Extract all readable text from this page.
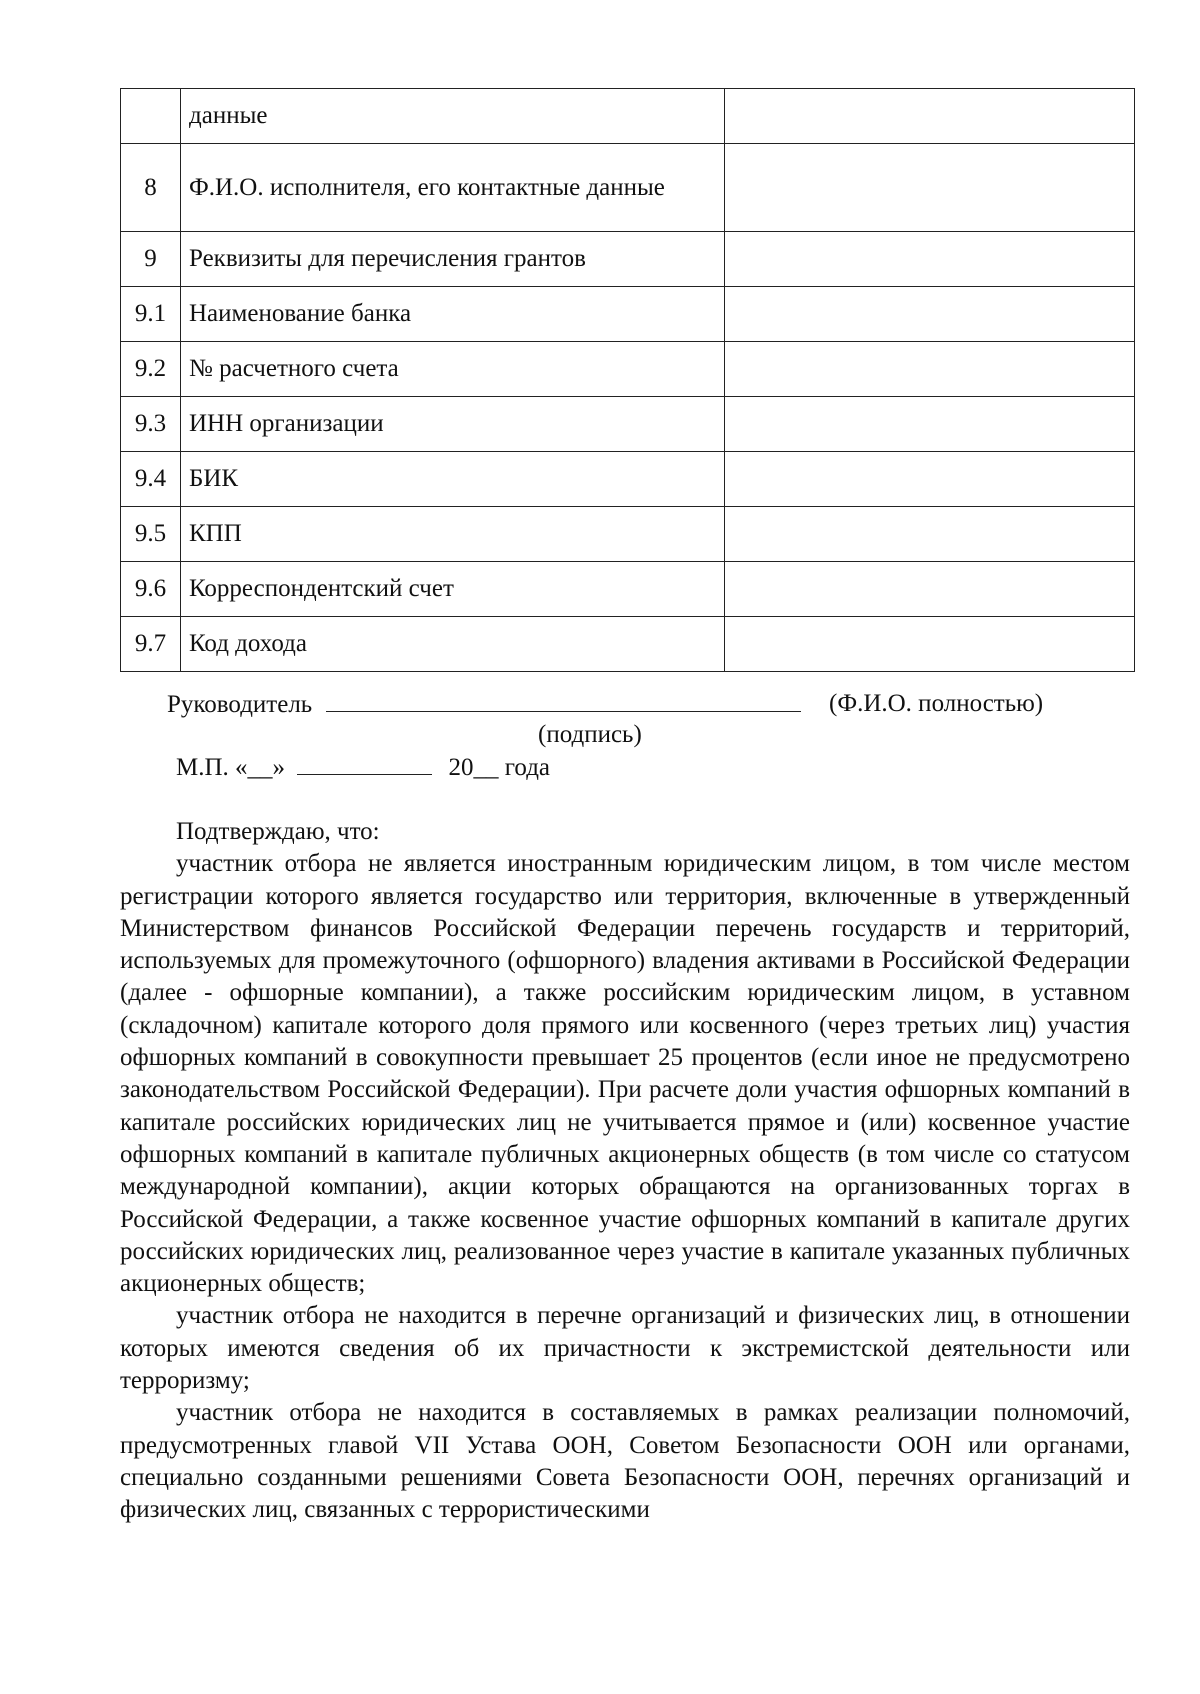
	данные	
8	Ф.И.О. исполнителя, его контактные данные	
9	Реквизиты для перечисления грантов	
9.1	Наименование банка	
9.2	№ расчетного счета	
9.3	ИНН организации	
9.4	БИК	
9.5	КПП	
9.6	Корреспондентский счет	
9.7	Код дохода	
Руководитель	(Ф.И.О. полностью)
(подпись)
М.П. «__»	20__ года

Подтверждаю, что:

участник отбора не является иностранным юридическим лицом, в том числе местом регистрации которого является государство или территория, включенные в утвержденный Министерством финансов Российской Федерации перечень государств и территорий, используемых для промежуточного (офшорного) владения активами в Российской Федерации (далее - офшорные компании), а также российским юридическим лицом, в уставном (складочном) капитале которого доля прямого или косвенного (через третьих лиц) участия офшорных компаний в совокупности превышает 25 процентов (если иное не предусмотрено законодательством Российской Федерации). При расчете доли участия офшорных компаний в капитале российских юридических лиц не учитывается прямое и (или) косвенное участие офшорных компаний в капитале публичных акционерных обществ (в том числе со статусом международной компании), акции которых обращаются на организованных торгах в Российской Федерации, а также косвенное участие офшорных компаний в капитале других российских юридических лиц, реализованное через участие в капитале указанных публичных акционерных обществ;

участник отбора не находится в перечне организаций и физических лиц, в отношении которых имеются сведения об их причастности к экстремистской деятельности или терроризму;

участник отбора не находится в составляемых в рамках реализации полномочий, предусмотренных главой VII Устава ООН, Советом Безопасности ООН или органами, специально созданными решениями Совета Безопасности ООН, перечнях организаций и физических лиц, связанных с террористическими
